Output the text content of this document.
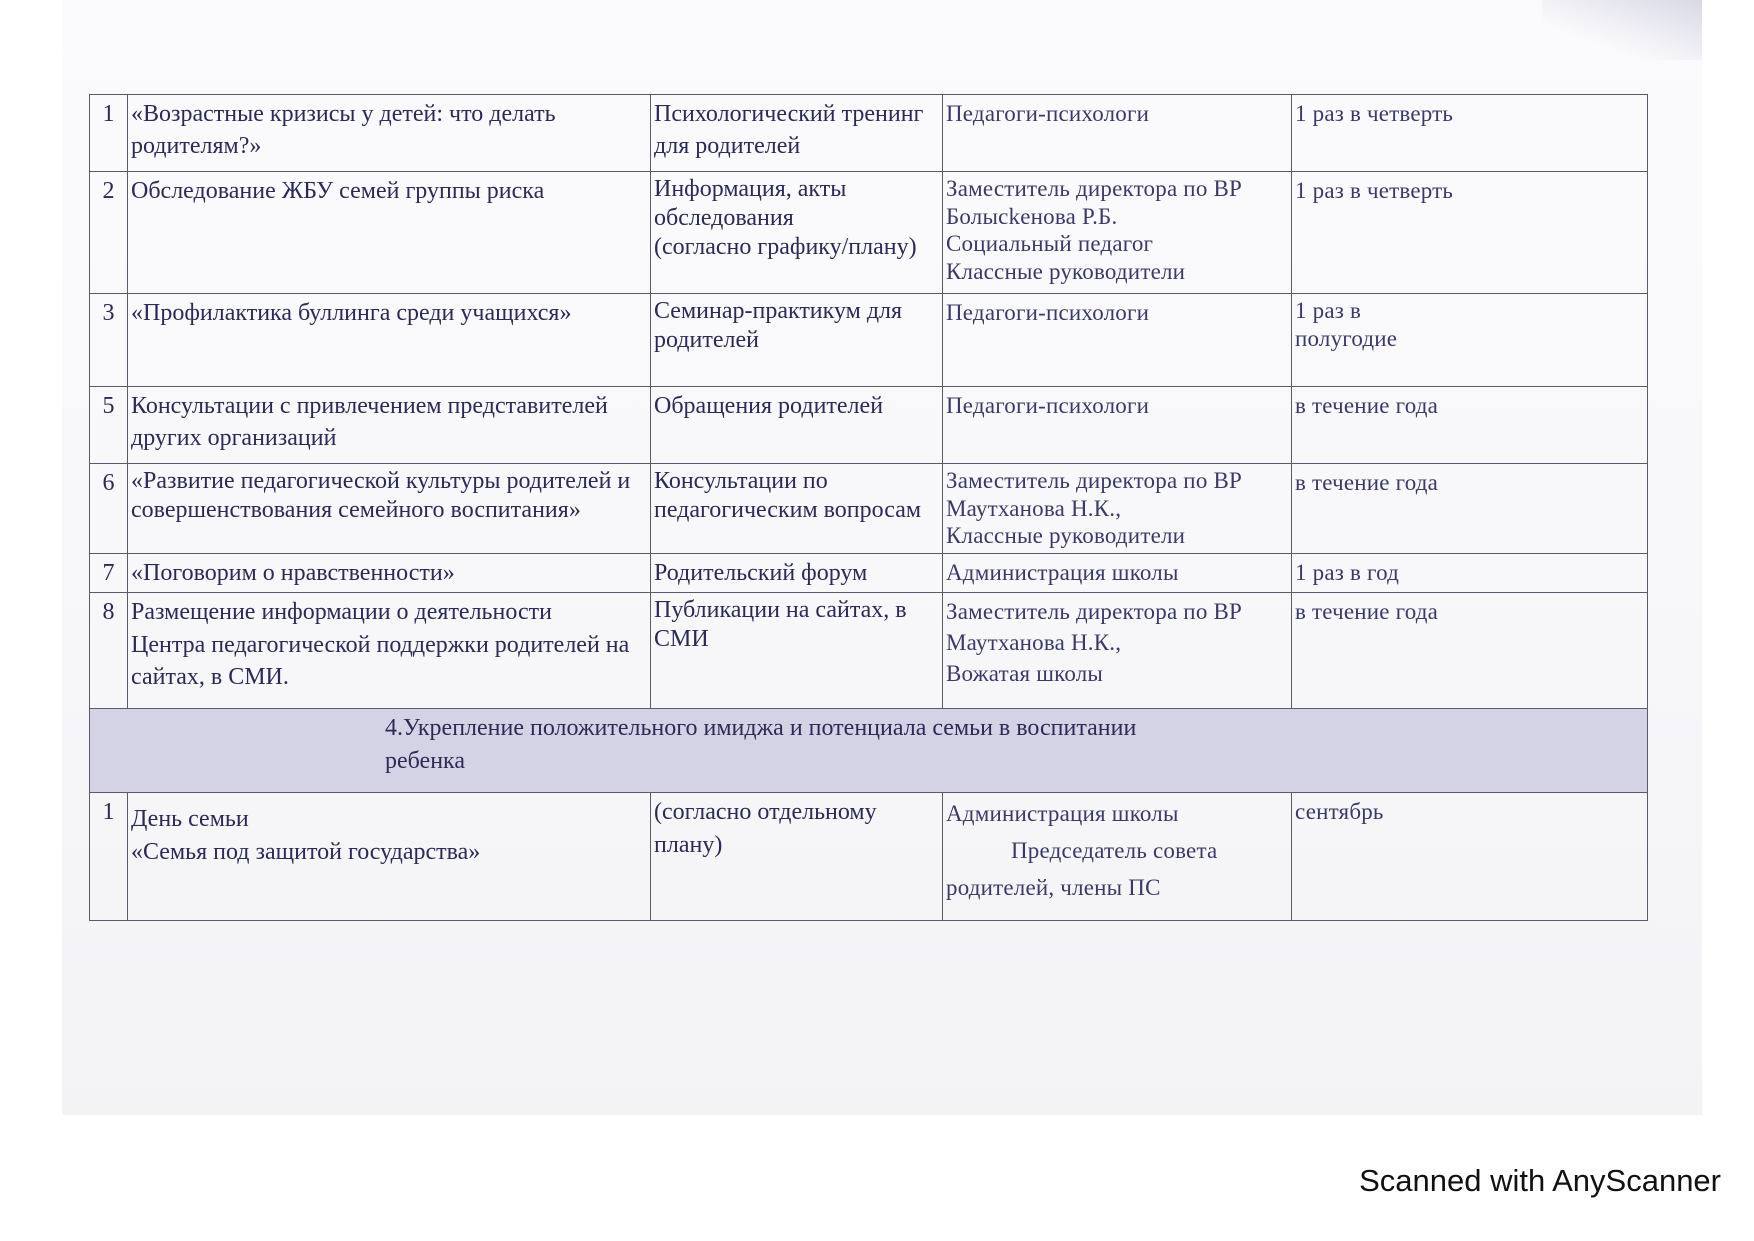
1	«Возрастные кризисы у детей: что делать
родителям?»	Психологический тренинг
для родителей	Педагоги-психологи	1 раз в четверть

2	Обследование ЖБУ семей группы риска	Информация, акты
обследования
(согласно графику/плану)	Заместитель директора по ВР
Болысkенова Р.Б.
Социальный педагог
Классные руководители	1 раз в четверть

3	«Профилактика буллинга среди учащихся»	Семинар-практикум для
родителей	Педагоги-психологи	1 раз в
полугодие

5	Консультации с привлечением представителей
других организаций	Обращения родителей	Педагоги-психологи	в течение года

6	«Развитие педагогической культуры родителей и
совершенствования семейного воспитания»	Консультации по
педагогическим вопросам	Заместитель директора по ВР
Маутханова Н.К.,
Классные руководители	в течение года

7	«Поговорим о нравственности»	Родительский форум	Администрация школы	1 раз в год

8	Размещение информации о деятельности
Центра педагогической поддержки родителей на
сайтах, в СМИ.	Публикации на сайтах, в
СМИ	Заместитель директора по ВР
Маутханова Н.К.,
Вожатая школы	в течение года

4.Укрепление положительного имиджа и потенциала семьи в воспитании
ребенка				

1	День семьи
«Семья под защитой государства»	(согласно отдельному
плану)	Администрация школы
Председатель совета
родителей, члены ПС	сентябрь
Scanned with AnyScanner
